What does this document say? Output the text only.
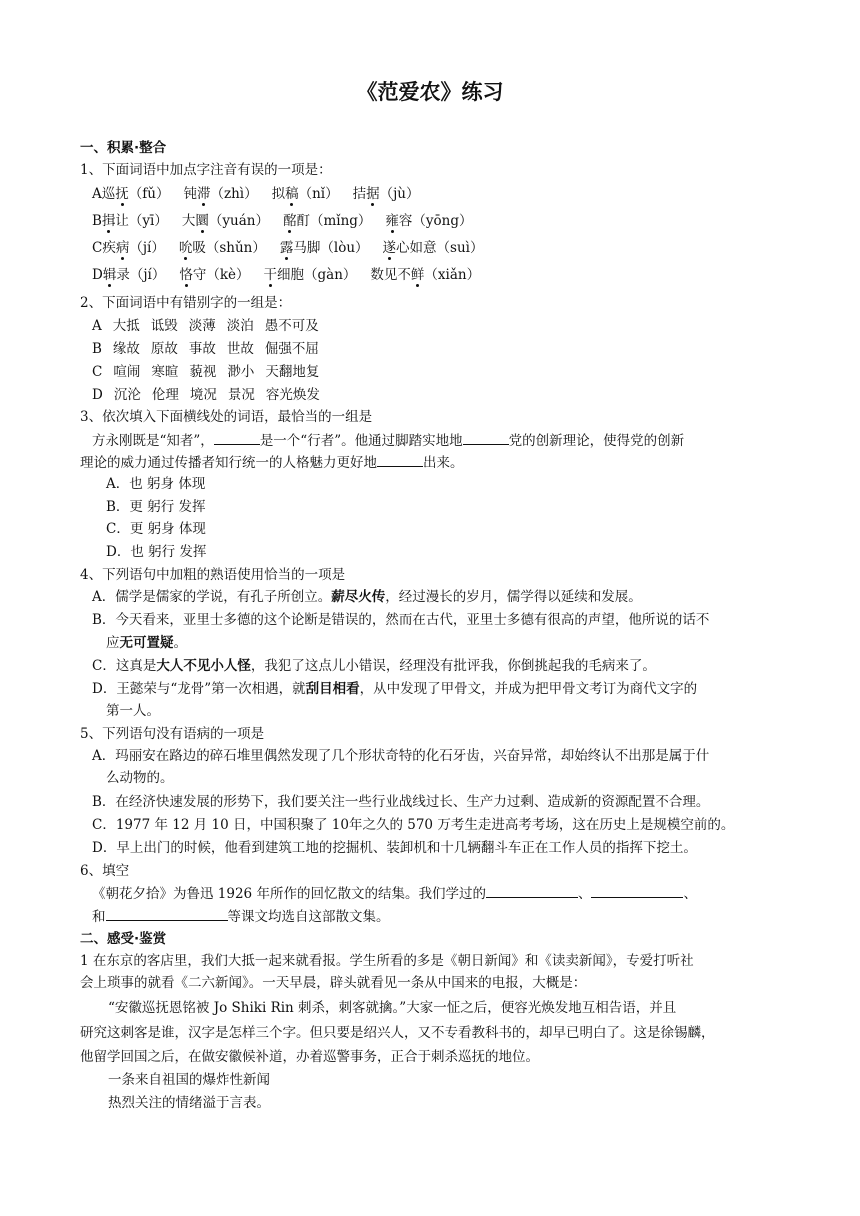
《范爱农》练习
一、积累·整合
1、下面词语中加点字注音有误的一项是：
A巡抚（fǔ） 钝滞（zhì） 拟稿（nǐ） 拮据（jù）
B揖让（yī） 大圜（yuán） 酩酊（mǐng） 雍容（yōng）
C疾病（jí） 吮吸（shǔn） 露马脚（lòu） 遂心如意（suì）
D辑录（jí） 恪守（kè） 干细胞（gàn） 数见不鲜（xiǎn）
2、下面词语中有错别字的一组是：
A 大抵 诋毁 淡薄 淡泊 愚不可及
B 缘故 原故 事故 世故 倔强不屈
C 喧闹 寒暄 藐视 渺小 天翻地复
D 沉沦 伦理 境况 景况 容光焕发
3、依次填入下面横线处的词语，最恰当的一组是
方永刚既是“知者”，	是一个“行者”。他通过脚踏实地地	党的创新理论，使得党的创新
理论的威力通过传播者知行统一的人格魅力更好地	出来。
A．也 躬身 体现
B．更 躬行 发挥
C．更 躬身 体现
D．也 躬行 发挥
4、下列语句中加粗的熟语使用恰当的一项是
A．儒学是儒家的学说，有孔子所创立。薪尽火传，经过漫长的岁月，儒学得以延续和发展。
B．今天看来，亚里士多德的这个论断是错误的，然而在古代，亚里士多德有很高的声望，他所说的话不
应无可置疑。
C．这真是大人不见小人怪，我犯了这点儿小错误，经理没有批评我，你倒挑起我的毛病来了。
D．王懿荣与“龙骨”第一次相遇，就刮目相看，从中发现了甲骨文，并成为把甲骨文考订为商代文字的
第一人。
5、下列语句没有语病的一项是
A．玛丽安在路边的碎石堆里偶然发现了几个形状奇特的化石牙齿，兴奋异常，却始终认不出那是属于什
么动物的。
B．在经济快速发展的形势下，我们要关注一些行业战线过长、生产力过剩、造成新的资源配置不合理。
C．1977 年 12 月 10 日，中国积聚了 10年之久的 570 万考生走进高考考场，这在历史上是规模空前的。
D．早上出门的时候，他看到建筑工地的挖掘机、装卸机和十几辆翻斗车正在工作人员的指挥下挖土。
6、填空
《朝花夕拾》为鲁迅 1926 年所作的回忆散文的结集。我们学过的	、	、
和	等课文均选自这部散文集。
二、感受·鉴赏
1 在东京的客店里，我们大抵一起来就看报。学生所看的多是《朝日新闻》和《读卖新闻》，专爱打听社
会上琐事的就看《二六新闻》。一天早晨，辟头就看见一条从中国来的电报，大概是：
“安徽巡抚恩铭被 Jo Shiki Rin 刺杀，刺客就擒。”大家一怔之后，便容光焕发地互相告语，并且
研究这刺客是谁，汉字是怎样三个字。但只要是绍兴人，又不专看教科书的，却早已明白了。这是徐锡麟，
他留学回国之后，在做安徽候补道，办着巡警事务，正合于刺杀巡抚的地位。
一条来自祖国的爆炸性新闻
热烈关注的情绪溢于言表。
